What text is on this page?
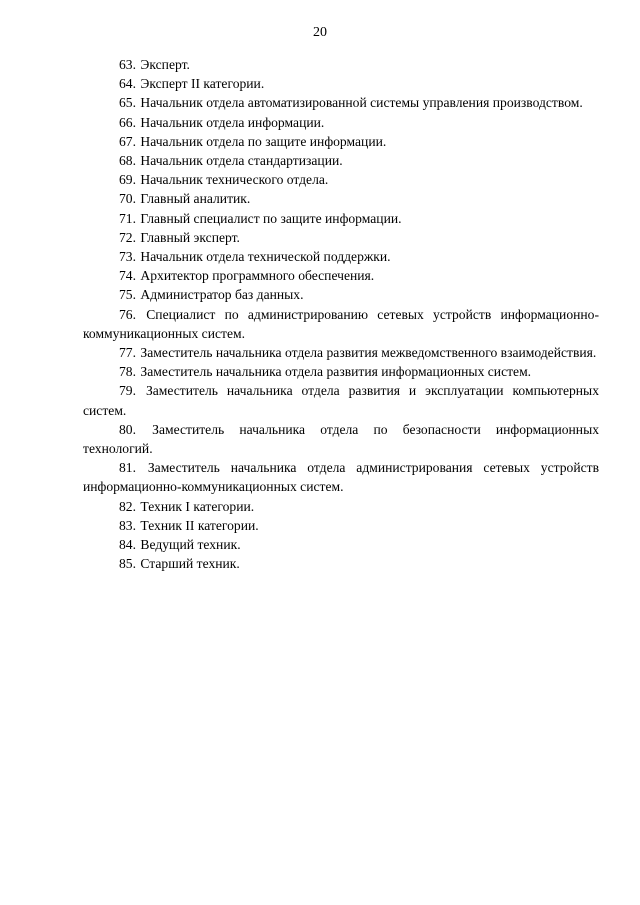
20

63. Эксперт.

64. Эксперт II категории.

65. Начальник отдела автоматизированной системы управления производством.

66. Начальник отдела информации.

67. Начальник отдела по защите информации.

68. Начальник отдела стандартизации.

69. Начальник технического отдела.

70. Главный аналитик.

71. Главный специалист по защите информации.

72. Главный эксперт.

73. Начальник отдела технической поддержки.

74. Архитектор программного обеспечения.

75. Администратор баз данных.

76. Специалист по администрированию сетевых устройств информационно-коммуникационных систем.

77. Заместитель начальника отдела развития межведомственного взаимодействия.

78. Заместитель начальника отдела развития информационных систем.

79. Заместитель начальника отдела развития и эксплуатации компьютерных систем.

80. Заместитель начальника отдела по безопасности информационных технологий.

81. Заместитель начальника отдела администрирования сетевых устройств информационно-коммуникационных систем.

82. Техник I категории.

83. Техник II категории.

84. Ведущий техник.

85. Старший техник.
